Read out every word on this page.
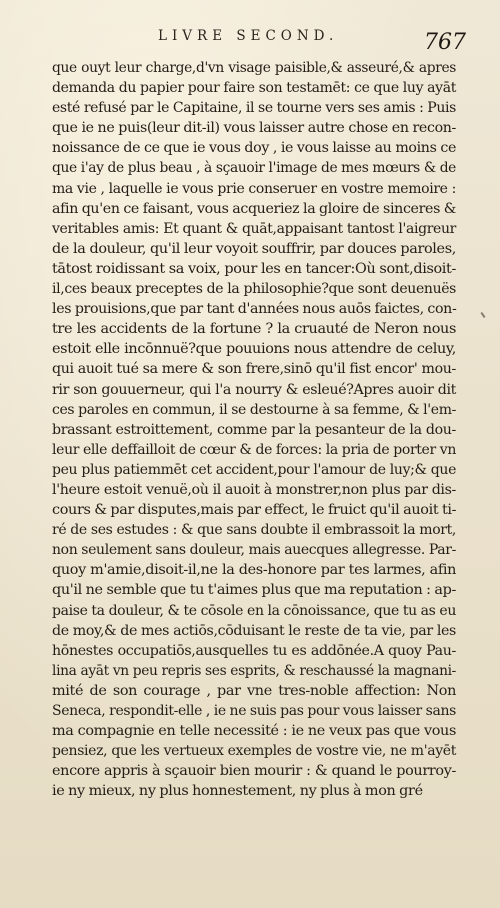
LIVRE SECOND.	767
que ouyt leur charge,d'vn visage paisible,& asseuré,& apres
demanda du papier pour faire son testamēt: ce que luy ayāt
esté refusé par le Capitaine, il se tourne vers ses amis : Puis
que ie ne puis(leur dit-il) vous laisser autre chose en recon-
noissance de ce que ie vous doy , ie vous laisse au moins ce
que i'ay de plus beau , à sçauoir l'image de mes mœurs & de
ma vie , laquelle ie vous prie conseruer en vostre memoire :
afin qu'en ce faisant, vous acqueriez la gloire de sinceres &
veritables amis: Et quant & quāt,appaisant tantost l'aigreur
de la douleur, qu'il leur voyoit souffrir, par douces paroles,
tātost roidissant sa voix, pour les en tancer:Où sont,disoit-
il,ces beaux preceptes de la philosophie?que sont deuenuës
les prouisions,que par tant d'années nous auōs faictes, con-
tre les accidents de la fortune ? la cruauté de Neron nous
estoit elle incōnnuë?que pouuions nous attendre de celuy,
qui auoit tué sa mere & son frere,sinō qu'il fist encor' mou-
rir son gouuerneur, qui l'a nourry & esleué?Apres auoir dit
ces paroles en commun, il se destourne à sa femme, & l'em-
brassant estroittement, comme par la pesanteur de la dou-
leur elle deffailloit de cœur & de forces: la pria de porter vn
peu plus patiemmēt cet accident,pour l'amour de luy;& que
l'heure estoit venuë,où il auoit à monstrer,non plus par dis-
cours & par disputes,mais par effect, le fruict qu'il auoit ti-
ré de ses estudes : & que sans doubte il embrassoit la mort,
non seulement sans douleur, mais auecques allegresse. Par-
quoy m'amie,disoit-il,ne la des-honore par tes larmes, afin
qu'il ne semble que tu t'aimes plus que ma reputation : ap-
paise ta douleur, & te cōsole en la cōnoissance, que tu as eu
de moy,& de mes actiōs,cōduisant le reste de ta vie, par les
hōnestes occupatiōs,ausquelles tu es addōnée.A quoy Pau-
lina ayāt vn peu repris ses esprits, & reschaussé la magnani-
mité de son courage , par vne tres-noble affection: Non
Seneca, respondit-elle , ie ne suis pas pour vous laisser sans
ma compagnie en telle necessité : ie ne veux pas que vous
pensiez, que les vertueux exemples de vostre vie, ne m'ayēt
encore appris à sçauoir bien mourir : & quand le pourroy-
ie ny mieux, ny plus honnestement, ny plus à mon gré
